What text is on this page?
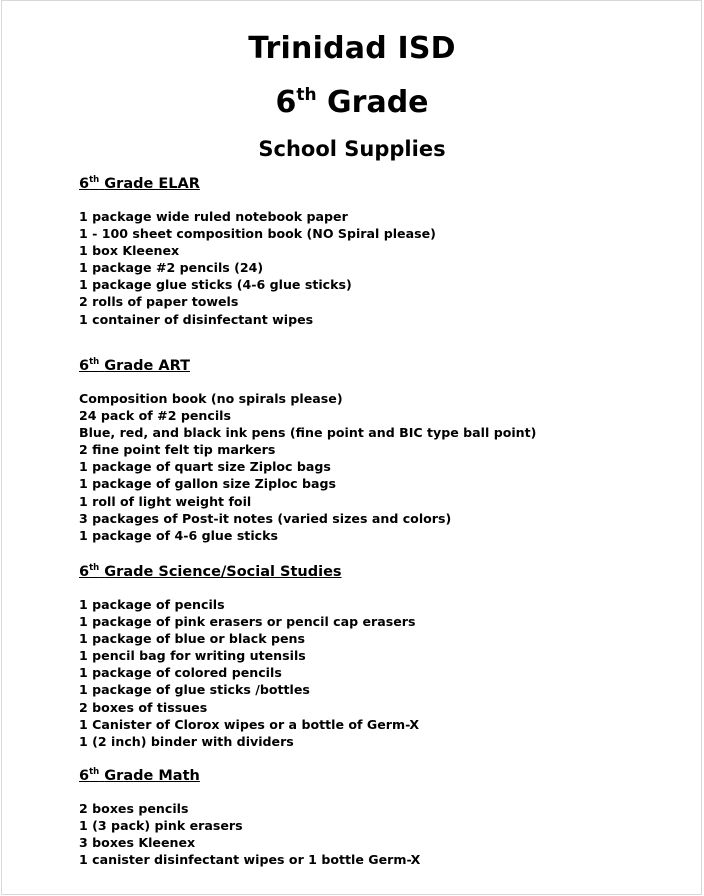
Trinidad ISD
6th Grade
School Supplies
6th Grade ELAR
1 package wide ruled notebook paper
1 - 100 sheet composition book (NO Spiral please)
1 box Kleenex
1 package #2 pencils (24)
1 package glue sticks (4-6 glue sticks)
2 rolls of paper towels
1 container of disinfectant wipes
6th Grade ART
Composition book (no spirals please)
24 pack of #2 pencils
Blue, red, and black ink pens (fine point and BIC type ball point)
2 fine point felt tip markers
1 package of quart size Ziploc bags
1 package of gallon size Ziploc bags
1 roll of light weight foil
3 packages of Post-it notes (varied sizes and colors)
1 package of 4-6 glue sticks
6th Grade Science/Social Studies
1 package of pencils
1 package of pink erasers or pencil cap erasers
1 package of blue or black pens
1 pencil bag for writing utensils
1 package of colored pencils
1 package of glue sticks /bottles
2 boxes of tissues
1 Canister of Clorox wipes or a bottle of Germ-X
1 (2 inch) binder with dividers
6th Grade Math
2 boxes pencils
1 (3 pack) pink erasers
3 boxes Kleenex
1 canister disinfectant wipes or 1 bottle Germ-X
